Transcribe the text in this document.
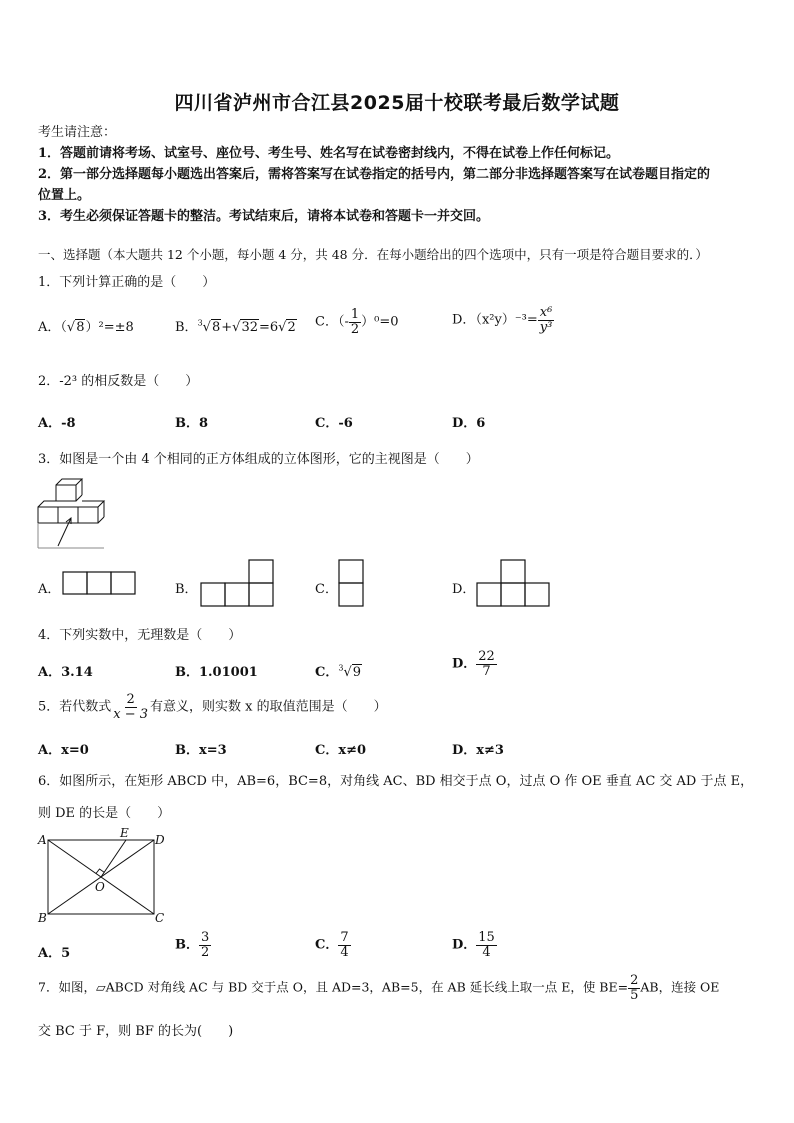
四川省泸州市合江县2025届十校联考最后数学试题
考生请注意：
1．答题前请将考场、试室号、座位号、考生号、姓名写在试卷密封线内，不得在试卷上作任何标记。
2．第一部分选择题每小题选出答案后，需将答案写在试卷指定的括号内，第二部分非选择题答案写在试卷题目指定的
位置上。
3．考生必须保证答题卡的整洁。考试结束后，请将本试卷和答题卡一并交回。
一、选择题（本大题共 12 个小题，每小题 4 分，共 48 分．在每小题给出的四个选项中，只有一项是符合题目要求的．）
1．下列计算正确的是（　　）
A．（√8）²=±8	B．$^3$√8+√32=6√2 C．（- $\frac{1}{2} )^0=0$	D．$(x^2y)^{-3}= \frac{\text{x⁶}}{\text{y³}}$
2．-2³ 的相反数是（　　）
A．-8	B．8	C．-6	D．6
3．如图是一个由 4 个相同的正方体组成的立体图形，它的主视图是（　　）
A．	B．	C．	D．
4．下列实数中，无理数是（　　）
A．3.14	B．1.01001	C．$^3$√9
D． $\frac{22}{7}$
5．若代数式 $\frac{2}{x - 3}$ 有意义，则实数 x 的取值范围是（　　）
A．x=0	B．x=3	C．x≠0	D．x≠3
6．如图所示，在矩形 ABCD 中，AB=6，BC=8，对角线 AC、BD 相交于点 O，过点 O 作 OE 垂直 AC 交 AD 于点 E，
则 DE 的长是（　　）
A
B	C
D
E
O
A．5
B． $\frac{3}{2}$	C． $\frac{7}{4}$	D． $\frac{15}{4}$
7．如图，▱ABCD 对角线 AC 与 BD 交于点 O，且 AD=3，AB=5，在 AB 延长线上取一点 E，使 $BE= \frac{2}{5}$ AB，连接 OE
交 BC 于 F，则 BF 的长为(　　)
